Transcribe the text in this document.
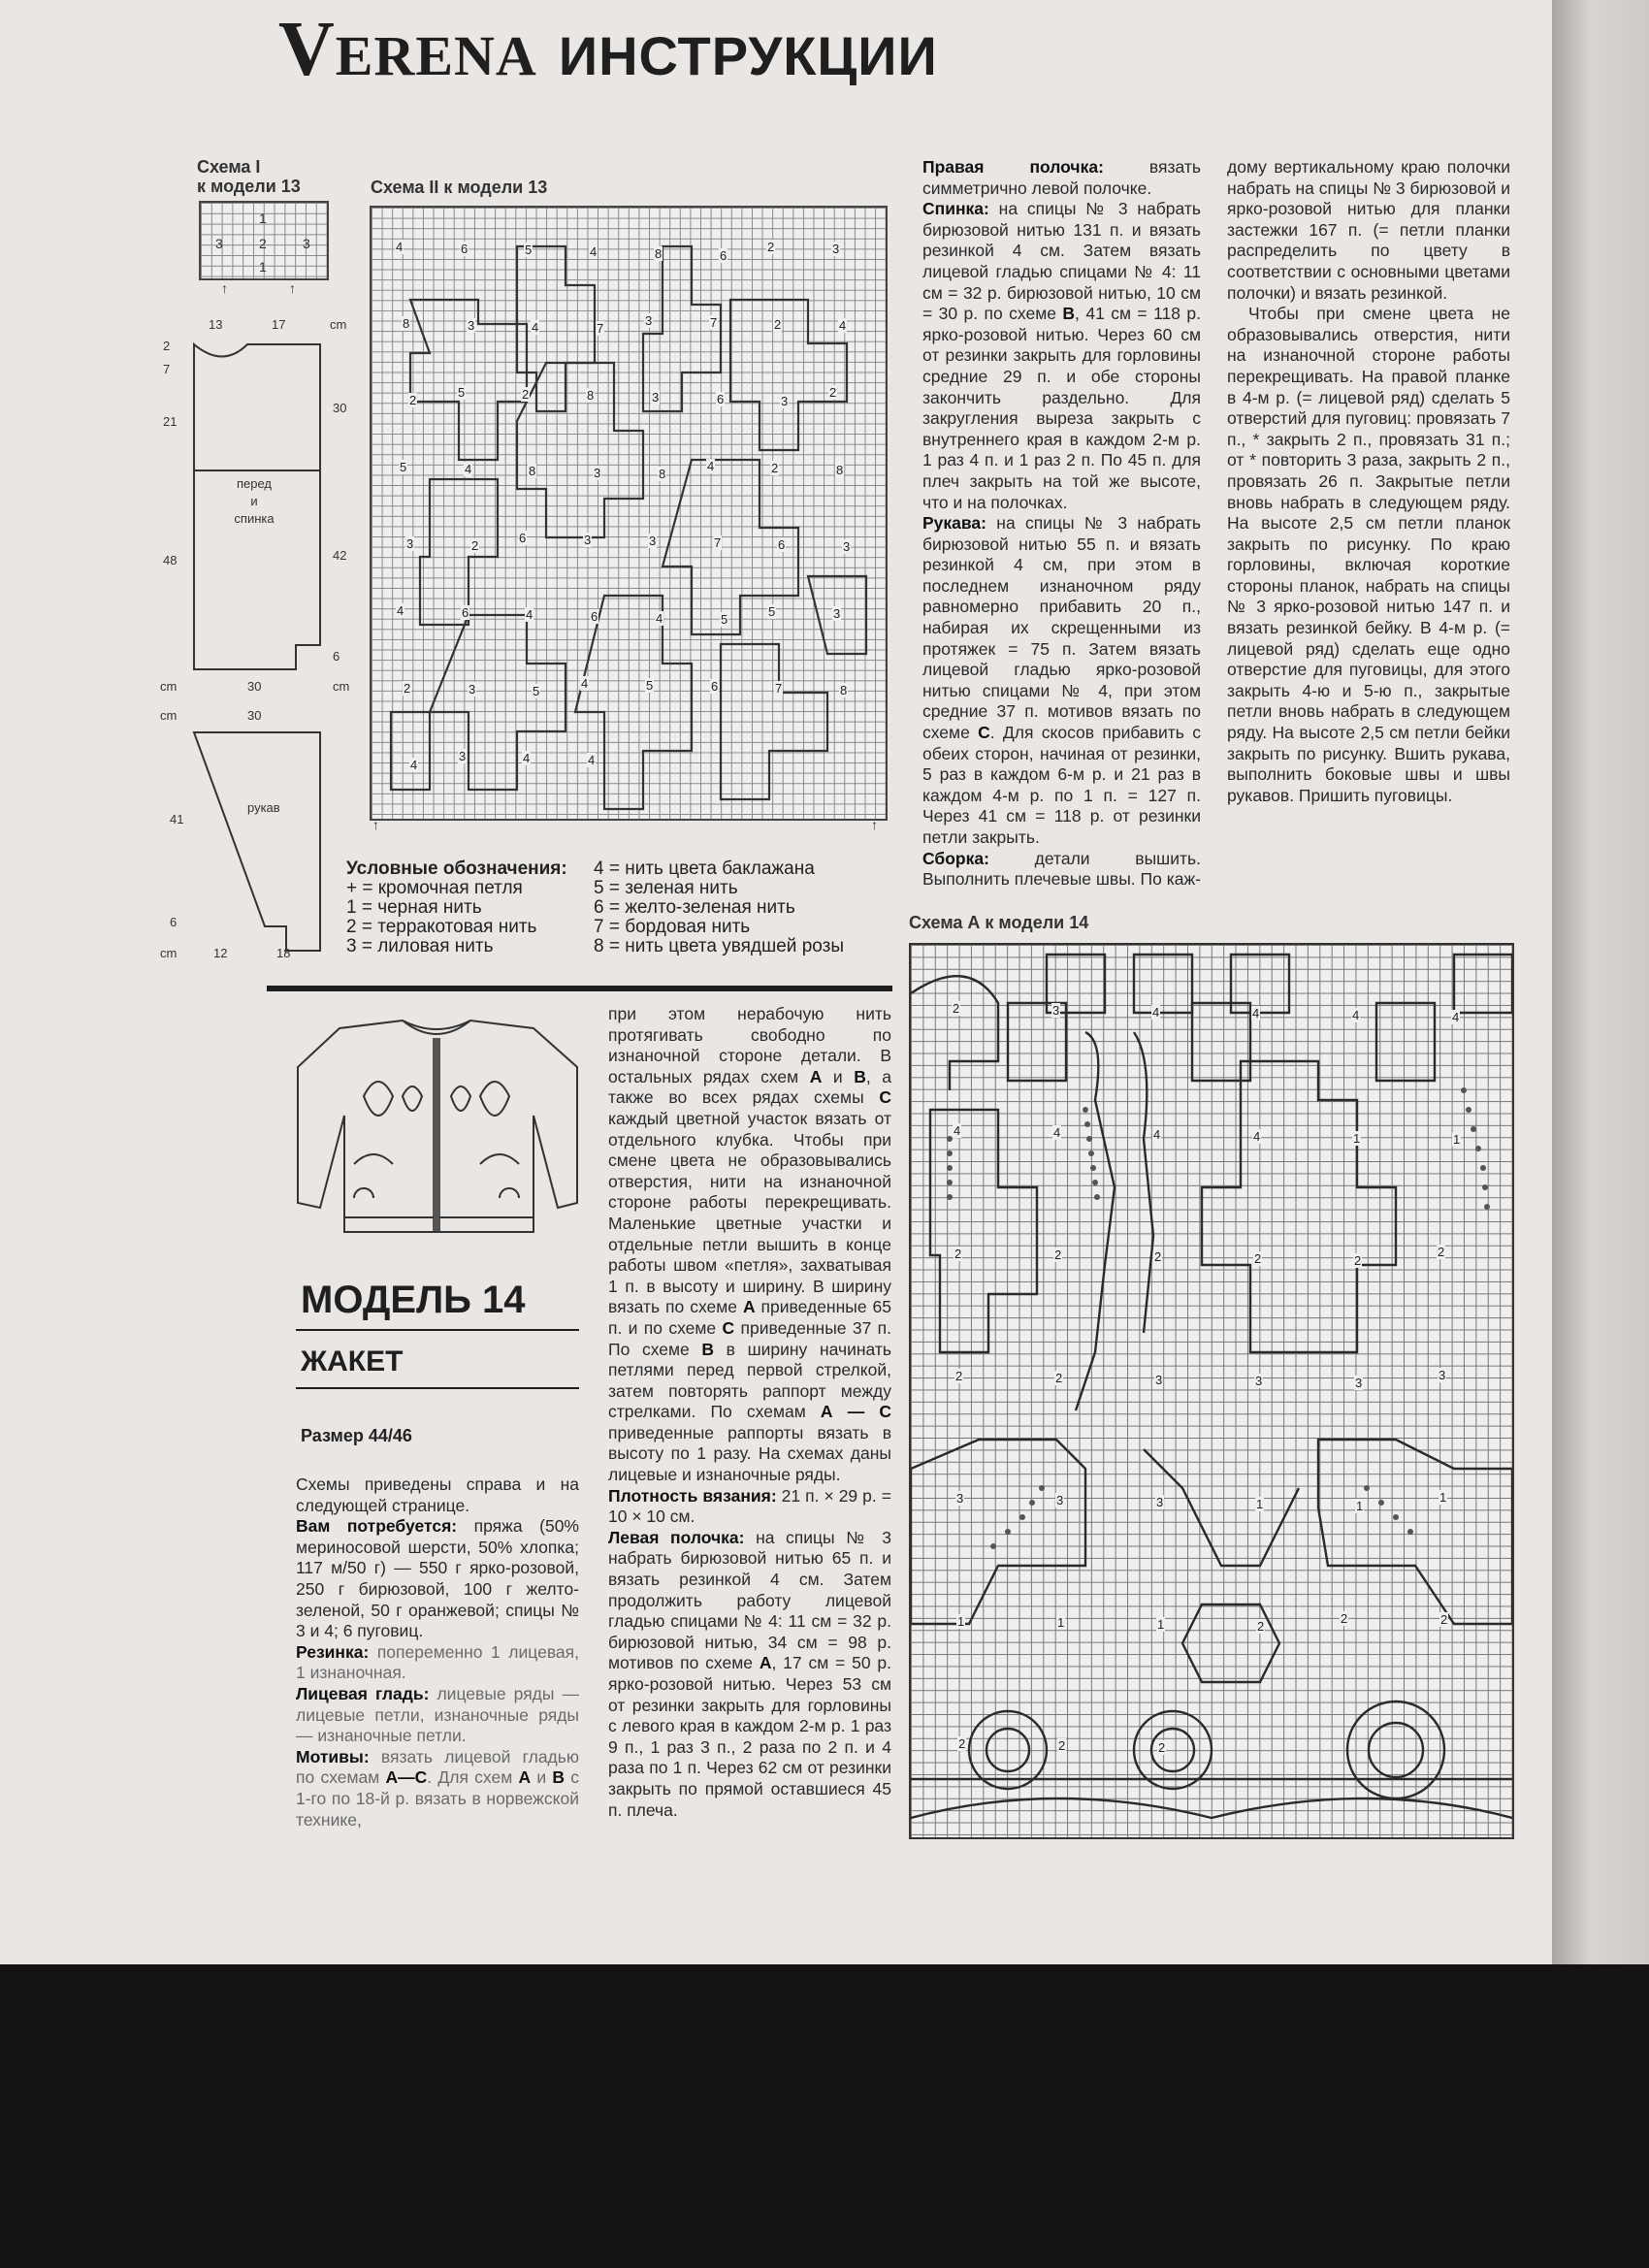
VERENA ИНСТРУКЦИИ
Схема I
к модели 13
1
3	2	3
1
↑	↑
Схема II к модели 13
4	6	5	4	8	6
2	3
8	3	4	7
3	7	2	4
2
5	2	8	3	6	3
2
5	4	8	3	8
4	2	8
3	2
6	3	3	7	6	3
4	6	4	6	4	5
5	3
2	3	5
4	5	6	7	8
4
3	4	4
↑	↑
13	17	cm
2
7
21
48
30
42
6
перед
и
спинка
cm	30	cm
cm	30
рукав
41
6
cm	12	18
Условные обозначения:
+ = кромочная петля
1 = черная нить
2 = терракотовая нить
3 = лиловая нить
4 = нить цвета баклажана
5 = зеленая нить
6 = желто-зеленая нить
7 = бордовая нить
8 = нить цвета увядшей розы
МОДЕЛЬ 14
ЖАКЕТ
Размер 44/46

Схемы приведены справа и на следующей странице.

Вам потребуется: пряжа (50% мериносовой шерсти, 50% хлопка; 117 м/50 г) — 550 г ярко-розовой, 250 г бирюзовой, 100 г желто-зеленой, 50 г оранжевой; спицы № 3 и 4; 6 пуговиц.

Резинка: попеременно 1 лицевая, 1 изнаночная.

Лицевая гладь: лицевые ряды — лицевые петли, изнаночные ряды — изнаночные петли.

Мотивы: вязать лицевой гладью по схемам А—С. Для схем А и В с 1-го по 18-й р. вязать в норвежской технике,

при этом нерабочую нить протягивать свободно по изнаночной стороне детали. В остальных рядах схем А и В, а также во всех рядах схемы С каждый цветной участок вязать от отдельного клубка. Чтобы при смене цвета не образовывались отверстия, нити на изнаночной стороне работы перекрещивать. Маленькие цветные участки и отдельные петли вышить в конце работы швом «петля», захватывая 1 п. в высоту и ширину. В ширину вязать по схеме А приведенные 65 п. и по схеме С приведенные 37 п. По схеме В в ширину начинать петлями перед первой стрелкой, затем повторять раппорт между стрелками. По схемам А — С приведенные раппорты вязать в высоту по 1 разу. На схемах даны лицевые и изнаночные ряды.

Плотность вязания: 21 п. × 29 р. = 10 × 10 см.

Левая полочка: на спицы № 3 набрать бирюзовой нитью 65 п. и вязать резинкой 4 см. Затем продолжить работу лицевой гладью спицами № 4: 11 см = 32 р. бирюзовой нитью, 34 см = 98 р. мотивов по схеме А, 17 см = 50 р. ярко-розовой нитью. Через 53 см от резинки закрыть для горловины с левого края в каждом 2-м р. 1 раз 9 п., 1 раз 3 п., 2 раза по 2 п. и 4 раза по 1 п. Через 62 см от резинки закрыть по прямой оставшиеся 45 п. плеча.

Правая полочка: вязать симметрично левой полочке.

Спинка: на спицы № 3 набрать бирюзовой нитью 131 п. и вязать резинкой 4 см. Затем вязать лицевой гладью спицами № 4: 11 см = 32 р. бирюзовой нитью, 10 см = 30 р. по схеме В, 41 см = 118 р. ярко-розовой нитью. Через 60 см от резинки закрыть для горловины средние 29 п. и обе стороны закончить раздельно. Для закругления выреза закрыть с внутреннего края в каждом 2-м р. 1 раз 4 п. и 1 раз 2 п. По 45 п. для плеч закрыть на той же высоте, что и на полочках.

Рукава: на спицы № 3 набрать бирюзовой нитью 55 п. и вязать резинкой 4 см, при этом в последнем изнаночном ряду равномерно прибавить 20 п., набирая их скрещенными из протяжек = 75 п. Затем вязать лицевой гладью ярко-розовой нитью спицами № 4, при этом средние 37 п. мотивов вязать по схеме С. Для скосов прибавить с обеих сторон, начиная от резинки, 5 раз в каждом 6-м р. и 21 раз в каждом 4-м р. по 1 п. = 127 п. Через 41 см = 118 р. от резинки петли закрыть.

Сборка: детали вышить. Выполнить плечевые швы. По каж-

дому вертикальному краю полочки набрать на спицы № 3 бирюзовой и ярко-розовой нитью для планки застежки 167 п. (= петли планки распределить по цвету в соответствии с основными цветами полочки) и вязать резинкой.

Чтобы при смене цвета не образовывались отверстия, нити на изнаночной стороне работы перекрещивать. На правой планке в 4-м р. (= лицевой ряд) сделать 5 отверстий для пуговиц: провязать 7 п., * закрыть 2 п., провязать 31 п.; от * повторить 3 раза, закрыть 2 п., провязать 26 п. Закрытые петли вновь набрать в следующем ряду. На высоте 2,5 см петли планок закрыть по рисунку. По краю горловины, включая короткие стороны планок, набрать на спицы № 3 ярко-розовой нитью 147 п. и вязать резинкой бейку. В 4-м р. (= лицевой ряд) сделать еще одно отверстие для пуговицы, для этого закрыть 4-ю и 5-ю п., закрытые петли вновь набрать в следующем ряду. На высоте 2,5 см петли бейки закрыть по рисунку. Вшить рукава, выполнить боковые швы и швы рукавов. Пришить пуговицы.

Схема А к модели 14
2	3	4	4	4	4
4	4	4	4	1	1
2	2	2	2	2
2
2	2	3	3	3
3
3	3	3	1	1
1
1	1	1	2
2	2
2	2	2
